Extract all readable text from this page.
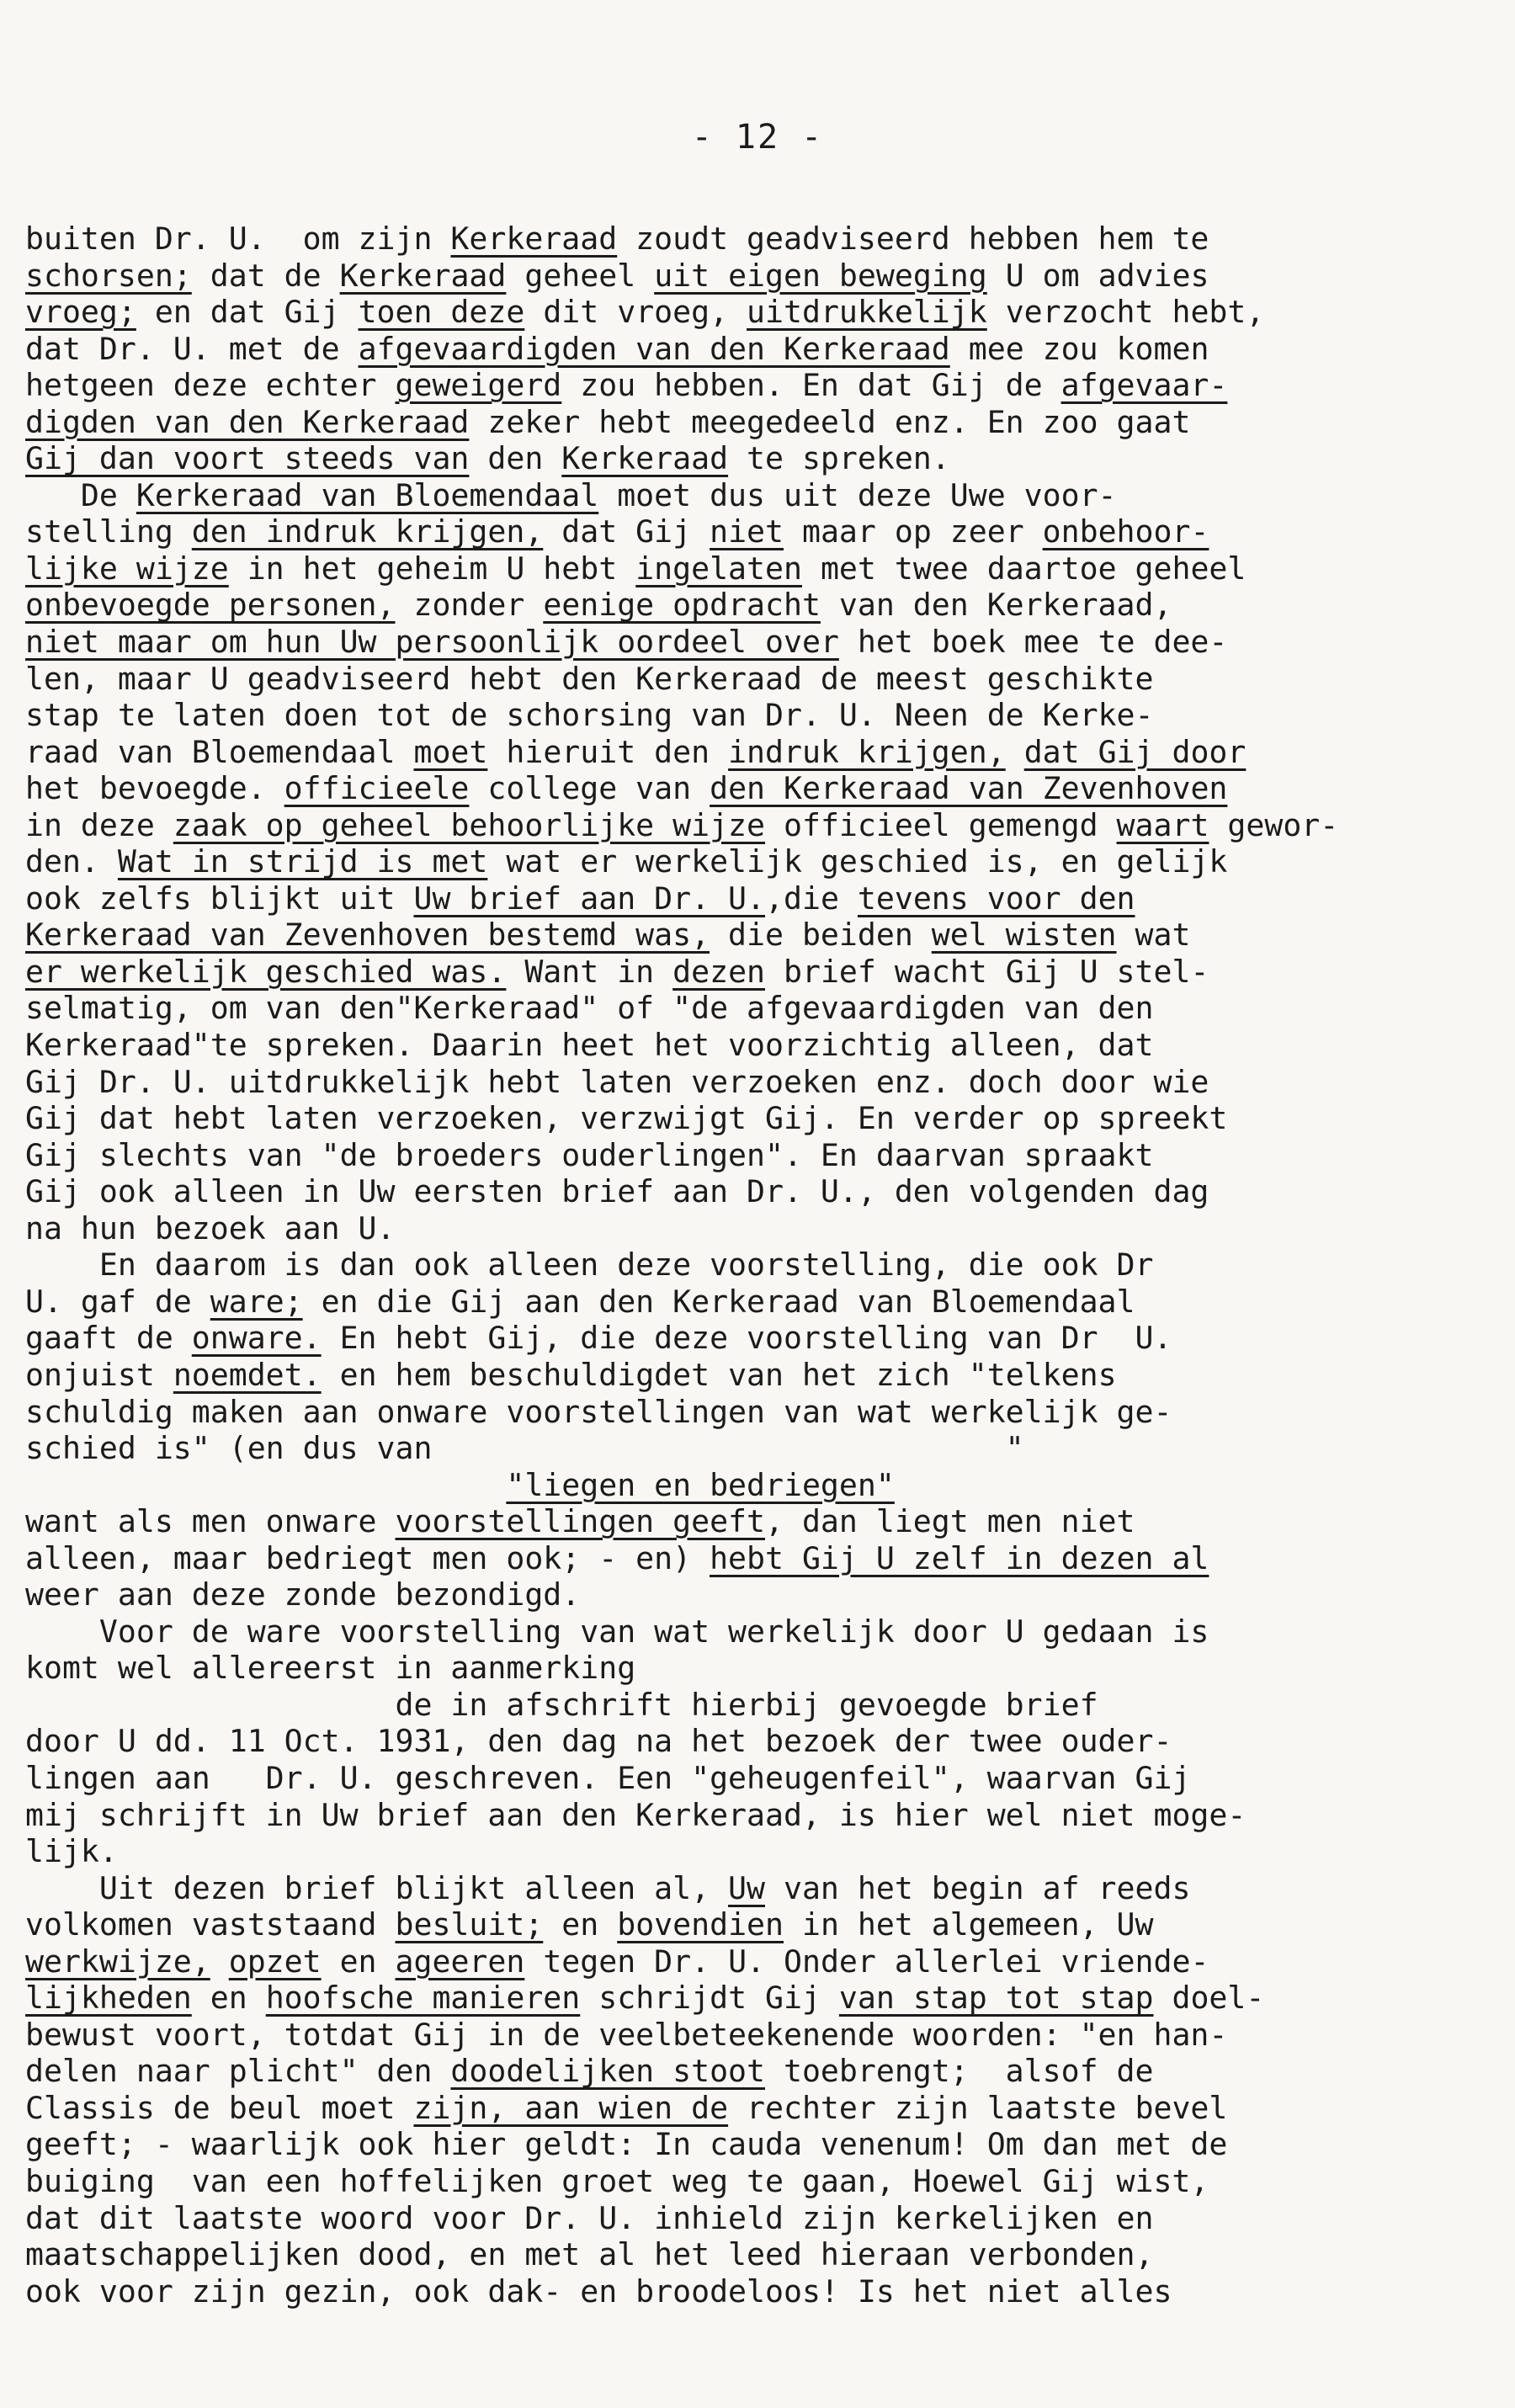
- 12 -
buiten Dr. U.  om zijn Kerkeraad zoudt geadviseerd hebben hem te
schorsen; dat de Kerkeraad geheel uit eigen beweging U om advies
vroeg; en dat Gij toen deze dit vroeg, uitdrukkelijk verzocht hebt,
dat Dr. U. met de afgevaardigden van den Kerkeraad mee zou komen
hetgeen deze echter geweigerd zou hebben. En dat Gij de afgevaar-
digden van den Kerkeraad zeker hebt meegedeeld enz. En zoo gaat
Gij dan voort steeds van den Kerkeraad te spreken.
De Kerkeraad van Bloemendaal moet dus uit deze Uwe voor-
stelling den indruk krijgen, dat Gij niet maar op zeer onbehoor-
lijke wijze in het geheim U hebt ingelaten met twee daartoe geheel
onbevoegde personen, zonder eenige opdracht van den Kerkeraad,
niet maar om hun Uw persoonlijk oordeel over het boek mee te dee-
len, maar U geadviseerd hebt den Kerkeraad de meest geschikte
stap te laten doen tot de schorsing van Dr. U. Neen de Kerke-
raad van Bloemendaal moet hieruit den indruk krijgen, dat Gij door
het bevoegde. officieele college van den Kerkeraad van Zevenhoven
in deze zaak op geheel behoorlijke wijze officieel gemengd waart gewor-
den. Wat in strijd is met wat er werkelijk geschied is, en gelijk
ook zelfs blijkt uit Uw brief aan Dr. U.,die tevens voor den
Kerkeraad van Zevenhoven bestemd was, die beiden wel wisten wat
er werkelijk geschied was. Want in dezen brief wacht Gij U stel-
selmatig, om van den"Kerkeraad" of "de afgevaardigden van den
Kerkeraad"te spreken. Daarin heet het voorzichtig alleen, dat
Gij Dr. U. uitdrukkelijk hebt laten verzoeken enz. doch door wie
Gij dat hebt laten verzoeken, verzwijgt Gij. En verder op spreekt
Gij slechts van "de broeders ouderlingen". En daarvan spraakt
Gij ook alleen in Uw eersten brief aan Dr. U., den volgenden dag
na hun bezoek aan U.
En daarom is dan ook alleen deze voorstelling, die ook Dr
U. gaf de ware; en die Gij aan den Kerkeraad van Bloemendaal
gaaft de onware. En hebt Gij, die deze voorstelling van Dr  U.
onjuist noemdet. en hem beschuldigdet van het zich "telkens
schuldig maken aan onware voorstellingen van wat werkelijk ge-
schied is" (en dus van                               "
"liegen en bedriegen"
want als men onware voorstellingen geeft, dan liegt men niet
alleen, maar bedriegt men ook; - en) hebt Gij U zelf in dezen al
weer aan deze zonde bezondigd.
Voor de ware voorstelling van wat werkelijk door U gedaan is
komt wel allereerst in aanmerking
de in afschrift hierbij gevoegde brief
door U dd. 11 Oct. 1931, den dag na het bezoek der twee ouder-
lingen aan   Dr. U. geschreven. Een "geheugenfeil", waarvan Gij
mij schrijft in Uw brief aan den Kerkeraad, is hier wel niet moge-
lijk.
Uit dezen brief blijkt alleen al, Uw van het begin af reeds
volkomen vaststaand besluit; en bovendien in het algemeen, Uw
werkwijze, opzet en ageeren tegen Dr. U. Onder allerlei vriende-
lijkheden en hoofsche manieren schrijdt Gij van stap tot stap doel-
bewust voort, totdat Gij in de veelbeteekenende woorden: "en han-
delen naar plicht" den doodelijken stoot toebrengt;  alsof de
Classis de beul moet zijn, aan wien de rechter zijn laatste bevel
geeft; - waarlijk ook hier geldt: In cauda venenum! Om dan met de
buiging  van een hoffelijken groet weg te gaan, Hoewel Gij wist,
dat dit laatste woord voor Dr. U. inhield zijn kerkelijken en
maatschappelijken dood, en met al het leed hieraan verbonden,
ook voor zijn gezin, ook dak- en broodeloos! Is het niet alles
